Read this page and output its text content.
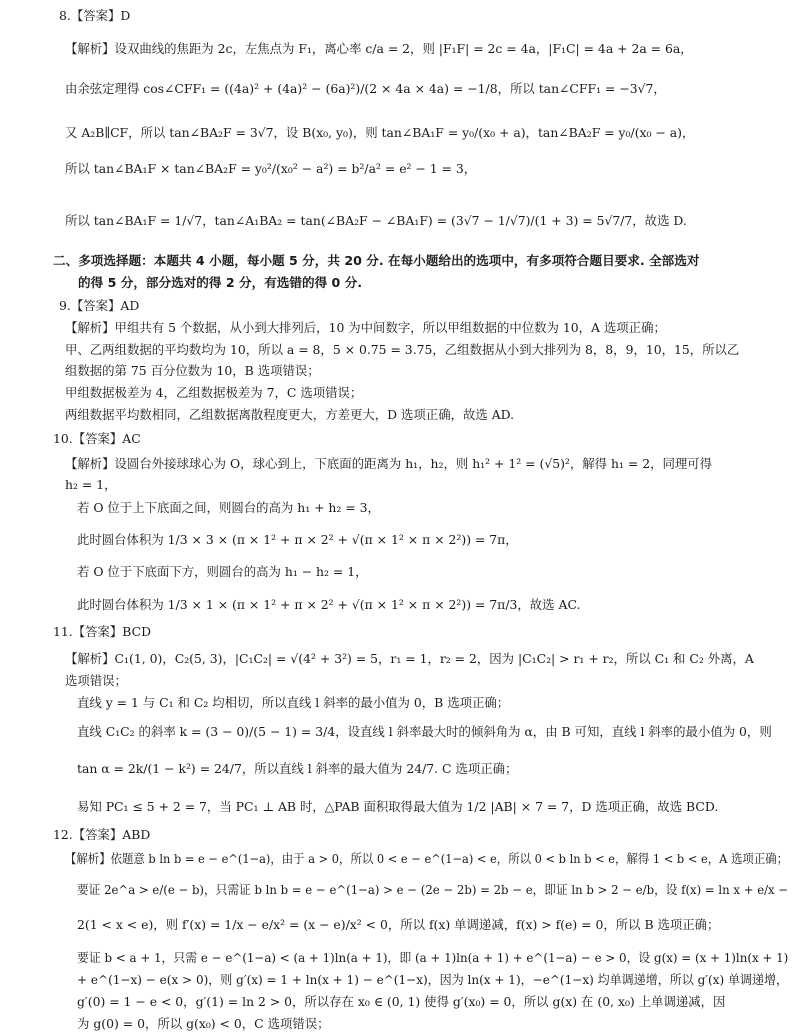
8.【答案】D
【解析】设双曲线的焦距为 2c，左焦点为 F₁，离心率 c/a = 2，则 |F₁F| = 2c = 4a，|F₁C| = 4a + 2a = 6a，
由余弦定理得 cos∠CFF₁ = ((4a)² + (4a)² − (6a)²)/(2 × 4a × 4a) = −1/8，所以 tan∠CFF₁ = −3√7，
又 A₂B∥CF，所以 tan∠BA₂F = 3√7，设 B(x₀, y₀)，则 tan∠BA₁F = y₀/(x₀ + a)，tan∠BA₂F = y₀/(x₀ − a)，
所以 tan∠BA₁F × tan∠BA₂F = y₀²/(x₀² − a²) = b²/a² = e² − 1 = 3，
所以 tan∠BA₁F = 1/√7，tan∠A₁BA₂ = tan(∠BA₂F − ∠BA₁F) = (3√7 − 1/√7)/(1 + 3) = 5√7/7，故选 D.
二、多项选择题：本题共 4 小题，每小题 5 分，共 20 分. 在每小题给出的选项中，有多项符合题目要求. 全部选对
的得 5 分，部分选对的得 2 分，有选错的得 0 分.
9.【答案】AD
【解析】甲组共有 5 个数据，从小到大排列后，10 为中间数字，所以甲组数据的中位数为 10，A 选项正确；
甲、乙两组数据的平均数均为 10，所以 a = 8，5 × 0.75 = 3.75，乙组数据从小到大排列为 8，8，9，10，15，所以乙
组数据的第 75 百分位数为 10，B 选项错误；
甲组数据极差为 4，乙组数据极差为 7，C 选项错误；
两组数据平均数相同，乙组数据离散程度更大，方差更大，D 选项正确，故选 AD.
10.【答案】AC
【解析】设圆台外接球球心为 O，球心到上，下底面的距离为 h₁，h₂，则 h₁² + 1² = (√5)²，解得 h₁ = 2，同理可得
h₂ = 1，
若 O 位于上下底面之间，则圆台的高为 h₁ + h₂ = 3，
此时圆台体积为 1/3 × 3 × (π × 1² + π × 2² + √(π × 1² × π × 2²)) = 7π，
若 O 位于下底面下方，则圆台的高为 h₁ − h₂ = 1，
此时圆台体积为 1/3 × 1 × (π × 1² + π × 2² + √(π × 1² × π × 2²)) = 7π/3，故选 AC.
11.【答案】BCD
【解析】C₁(1, 0)，C₂(5, 3)，|C₁C₂| = √(4² + 3²) = 5，r₁ = 1，r₂ = 2，因为 |C₁C₂| > r₁ + r₂，所以 C₁ 和 C₂ 外离，A
选项错误；
直线 y = 1 与 C₁ 和 C₂ 均相切，所以直线 l 斜率的最小值为 0，B 选项正确；
直线 C₁C₂ 的斜率 k = (3 − 0)/(5 − 1) = 3/4，设直线 l 斜率最大时的倾斜角为 α，由 B 可知，直线 l 斜率的最小值为 0，则
tan α = 2k/(1 − k²) = 24/7，所以直线 l 斜率的最大值为 24/7. C 选项正确；
易知 PC₁ ≤ 5 + 2 = 7，当 PC₁ ⊥ AB 时，△PAB 面积取得最大值为 1/2 |AB| × 7 = 7，D 选项正确，故选 BCD.
12.【答案】ABD
【解析】依题意 b ln b = e − e^(1−a)，由于 a > 0，所以 0 < e − e^(1−a) < e，所以 0 < b ln b < e，解得 1 < b < e，A 选项正确；
要证 2e^a > e/(e − b)，只需证 b ln b = e − e^(1−a) > e − (2e − 2b) = 2b − e，即证 ln b > 2 − e/b，设 f(x) = ln x + e/x −
2(1 < x < e)，则 f′(x) = 1/x − e/x² = (x − e)/x² < 0，所以 f(x) 单调递减，f(x) > f(e) = 0，所以 B 选项正确；
要证 b < a + 1，只需 e − e^(1−a) < (a + 1)ln(a + 1)，即 (a + 1)ln(a + 1) + e^(1−a) − e > 0，设 g(x) = (x + 1)ln(x + 1)
+ e^(1−x) − e(x > 0)，则 g′(x) = 1 + ln(x + 1) − e^(1−x)，因为 ln(x + 1)，−e^(1−x) 均单调递增，所以 g′(x) 单调递增，
g′(0) = 1 − e < 0，g′(1) = ln 2 > 0，所以存在 x₀ ∈ (0, 1) 使得 g′(x₀) = 0，所以 g(x) 在 (0, x₀) 上单调递减，因
为 g(0) = 0，所以 g(x₀) < 0，C 选项错误；
